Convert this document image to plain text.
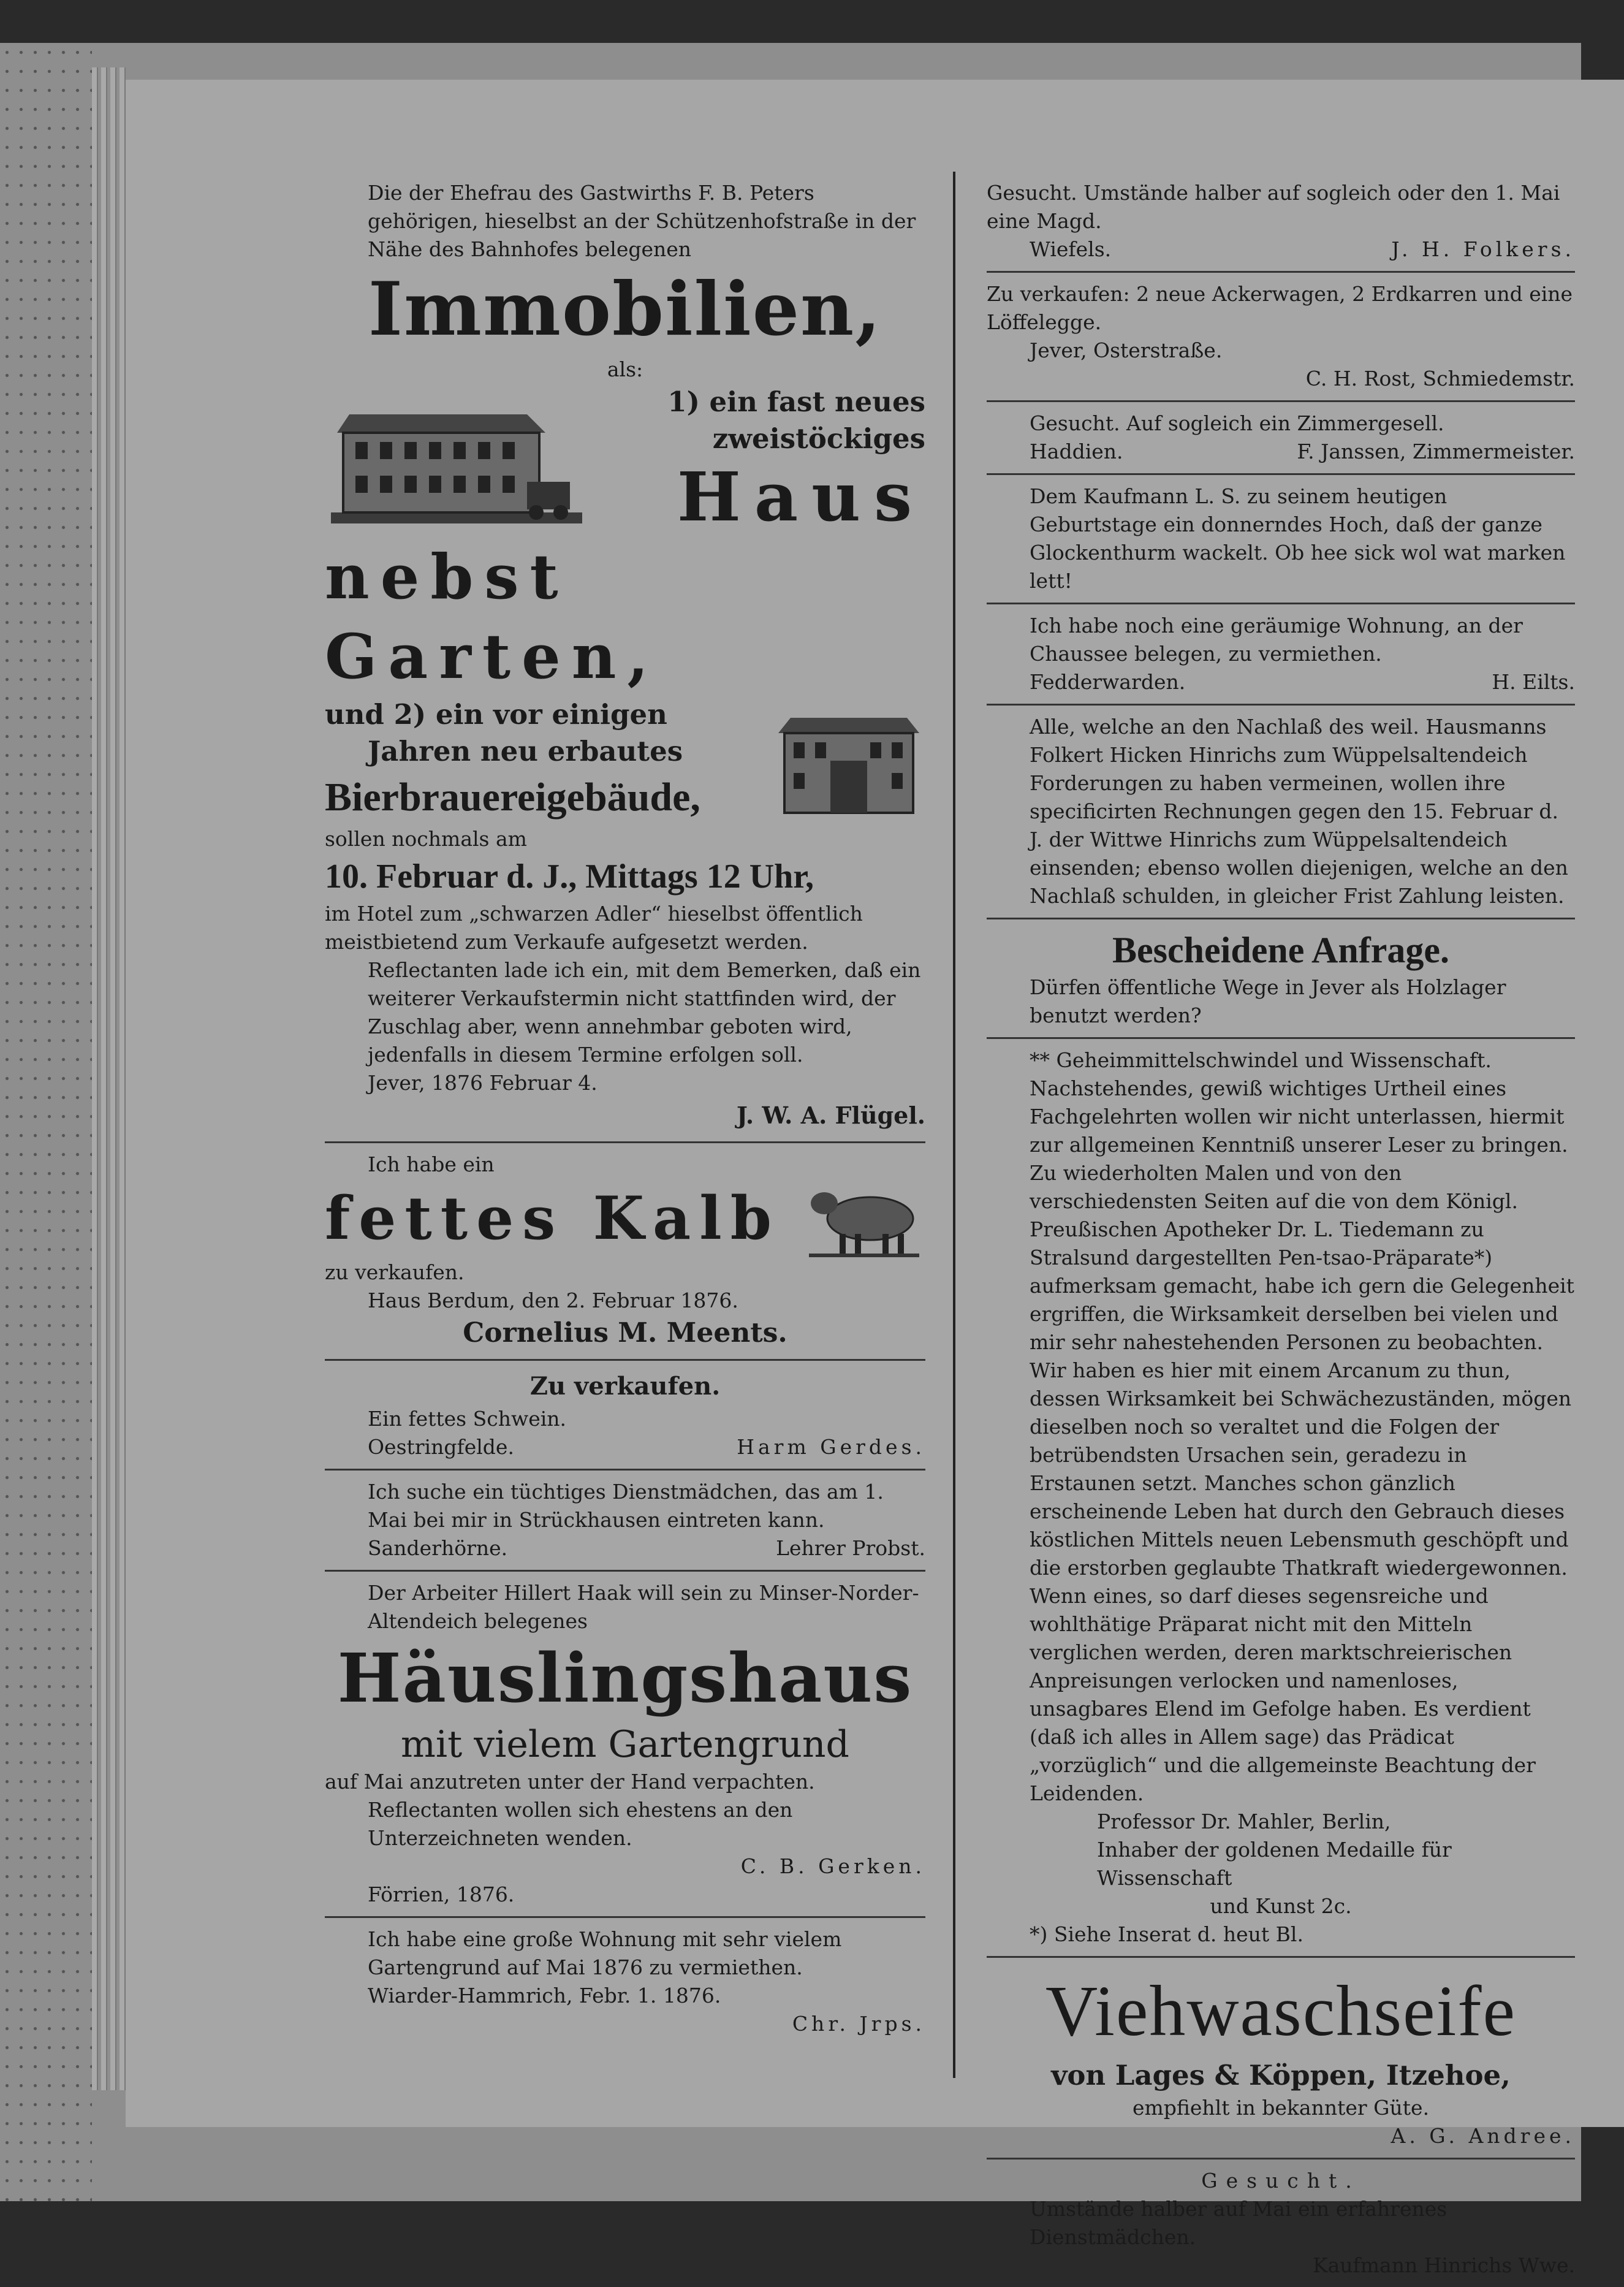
Die der Ehefrau des Gastwirths F. B. Peters gehörigen, hieselbst an der Schützenhofstraße in der Nähe des Bahnhofes belegenen

Immobilien,

als:

1) ein fast neues
zweistöckiges
Haus
nebst Garten,
und 2) ein vor einigen
Jahren neu erbautes
Bierbrauereigebäude,

sollen nochmals am

10. Februar d. J., Mittags 12 Uhr,

im Hotel zum „schwarzen Adler“ hieselbst öffentlich meistbietend zum Verkaufe aufgesetzt werden.

Reflectanten lade ich ein, mit dem Bemerken, daß ein weiterer Verkaufstermin nicht stattfinden wird, der Zuschlag aber, wenn annehmbar geboten wird, jedenfalls in diesem Termine erfolgen soll.

Jever, 1876 Februar 4.

J. W. A. Flügel.

Ich habe ein

fettes Kalb

zu verkaufen.

Haus Berdum, den 2. Februar 1876.

Cornelius M. Meents.

Zu verkaufen.

Ein fettes Schwein.

Oestringfelde.	Harm Gerdes.

Ich suche ein tüchtiges Dienstmädchen, das am 1. Mai bei mir in Strückhausen eintreten kann.

Sanderhörne.	Lehrer Probst.

Der Arbeiter Hillert Haak will sein zu Minser-Norder-Altendeich belegenes

Häuslingshaus
mit vielem Gartengrund

auf Mai anzutreten unter der Hand verpachten.

Reflectanten wollen sich ehestens an den Unterzeichneten wenden.

C. B. Gerken.

Förrien, 1876.

Ich habe eine große Wohnung mit sehr vielem Gartengrund auf Mai 1876 zu vermiethen.

Wiarder-Hammrich, Febr. 1. 1876.

Chr. Jrps.

Gesucht. Umstände halber auf sogleich oder den 1. Mai eine Magd.

Wiefels.	J. H. Folkers.

Zu verkaufen: 2 neue Ackerwagen, 2 Erdkarren und eine Löffelegge.

Jever, Osterstraße.

C. H. Rost, Schmiedemstr.

Gesucht. Auf sogleich ein Zimmergesell.

Haddien.	F. Janssen, Zimmermeister.

Dem Kaufmann L. S. zu seinem heutigen Geburtstage ein donnerndes Hoch, daß der ganze Glockenthurm wackelt. Ob hee sick wol wat marken lett!

Ich habe noch eine geräumige Wohnung, an der Chaussee belegen, zu vermiethen.

Fedderwarden.	H. Eilts.

Alle, welche an den Nachlaß des weil. Hausmanns Folkert Hicken Hinrichs zum Wüppelsaltendeich Forderungen zu haben vermeinen, wollen ihre specificirten Rechnungen gegen den 15. Februar d. J. der Wittwe Hinrichs zum Wüppelsaltendeich einsenden; ebenso wollen diejenigen, welche an den Nachlaß schulden, in gleicher Frist Zahlung leisten.

Bescheidene Anfrage.

Dürfen öffentliche Wege in Jever als Holzlager benutzt werden?

** Geheimmittelschwindel und Wissenschaft. Nachstehendes, gewiß wichtiges Urtheil eines Fachgelehrten wollen wir nicht unterlassen, hiermit zur allgemeinen Kenntniß unserer Leser zu bringen.

Zu wiederholten Malen und von den verschiedensten Seiten auf die von dem Königl. Preußischen Apotheker Dr. L. Tiedemann zu Stralsund dargestellten Pen-tsao-Präparate*) aufmerksam gemacht, habe ich gern die Gelegenheit ergriffen, die Wirksamkeit derselben bei vielen und mir sehr nahestehenden Personen zu beobachten. Wir haben es hier mit einem Arcanum zu thun, dessen Wirksamkeit bei Schwächezuständen, mögen dieselben noch so veraltet und die Folgen der betrübendsten Ursachen sein, geradezu in Erstaunen setzt. Manches schon gänzlich erscheinende Leben hat durch den Gebrauch dieses köstlichen Mittels neuen Lebensmuth geschöpft und die erstorben geglaubte Thatkraft wiedergewonnen. Wenn eines, so darf dieses segensreiche und wohlthätige Präparat nicht mit den Mitteln verglichen werden, deren marktschreierischen Anpreisungen verlocken und namenloses, unsagbares Elend im Gefolge haben. Es verdient (daß ich alles in Allem sage) das Prädicat „vorzüglich“ und die allgemeinste Beachtung der Leidenden.

Professor Dr. Mahler, Berlin,

Inhaber der goldenen Medaille für Wissenschaft

und Kunst 2c.

*) Siehe Inserat d. heut Bl.

Viehwaschseife
von Lages & Köppen, Itzehoe,

empfiehlt in bekannter Güte.

A. G. Andree.

Gesucht.

Umstände halber auf Mai ein erfahrenes Dienstmädchen.

Kaufmann Hinrichs Wwe.
